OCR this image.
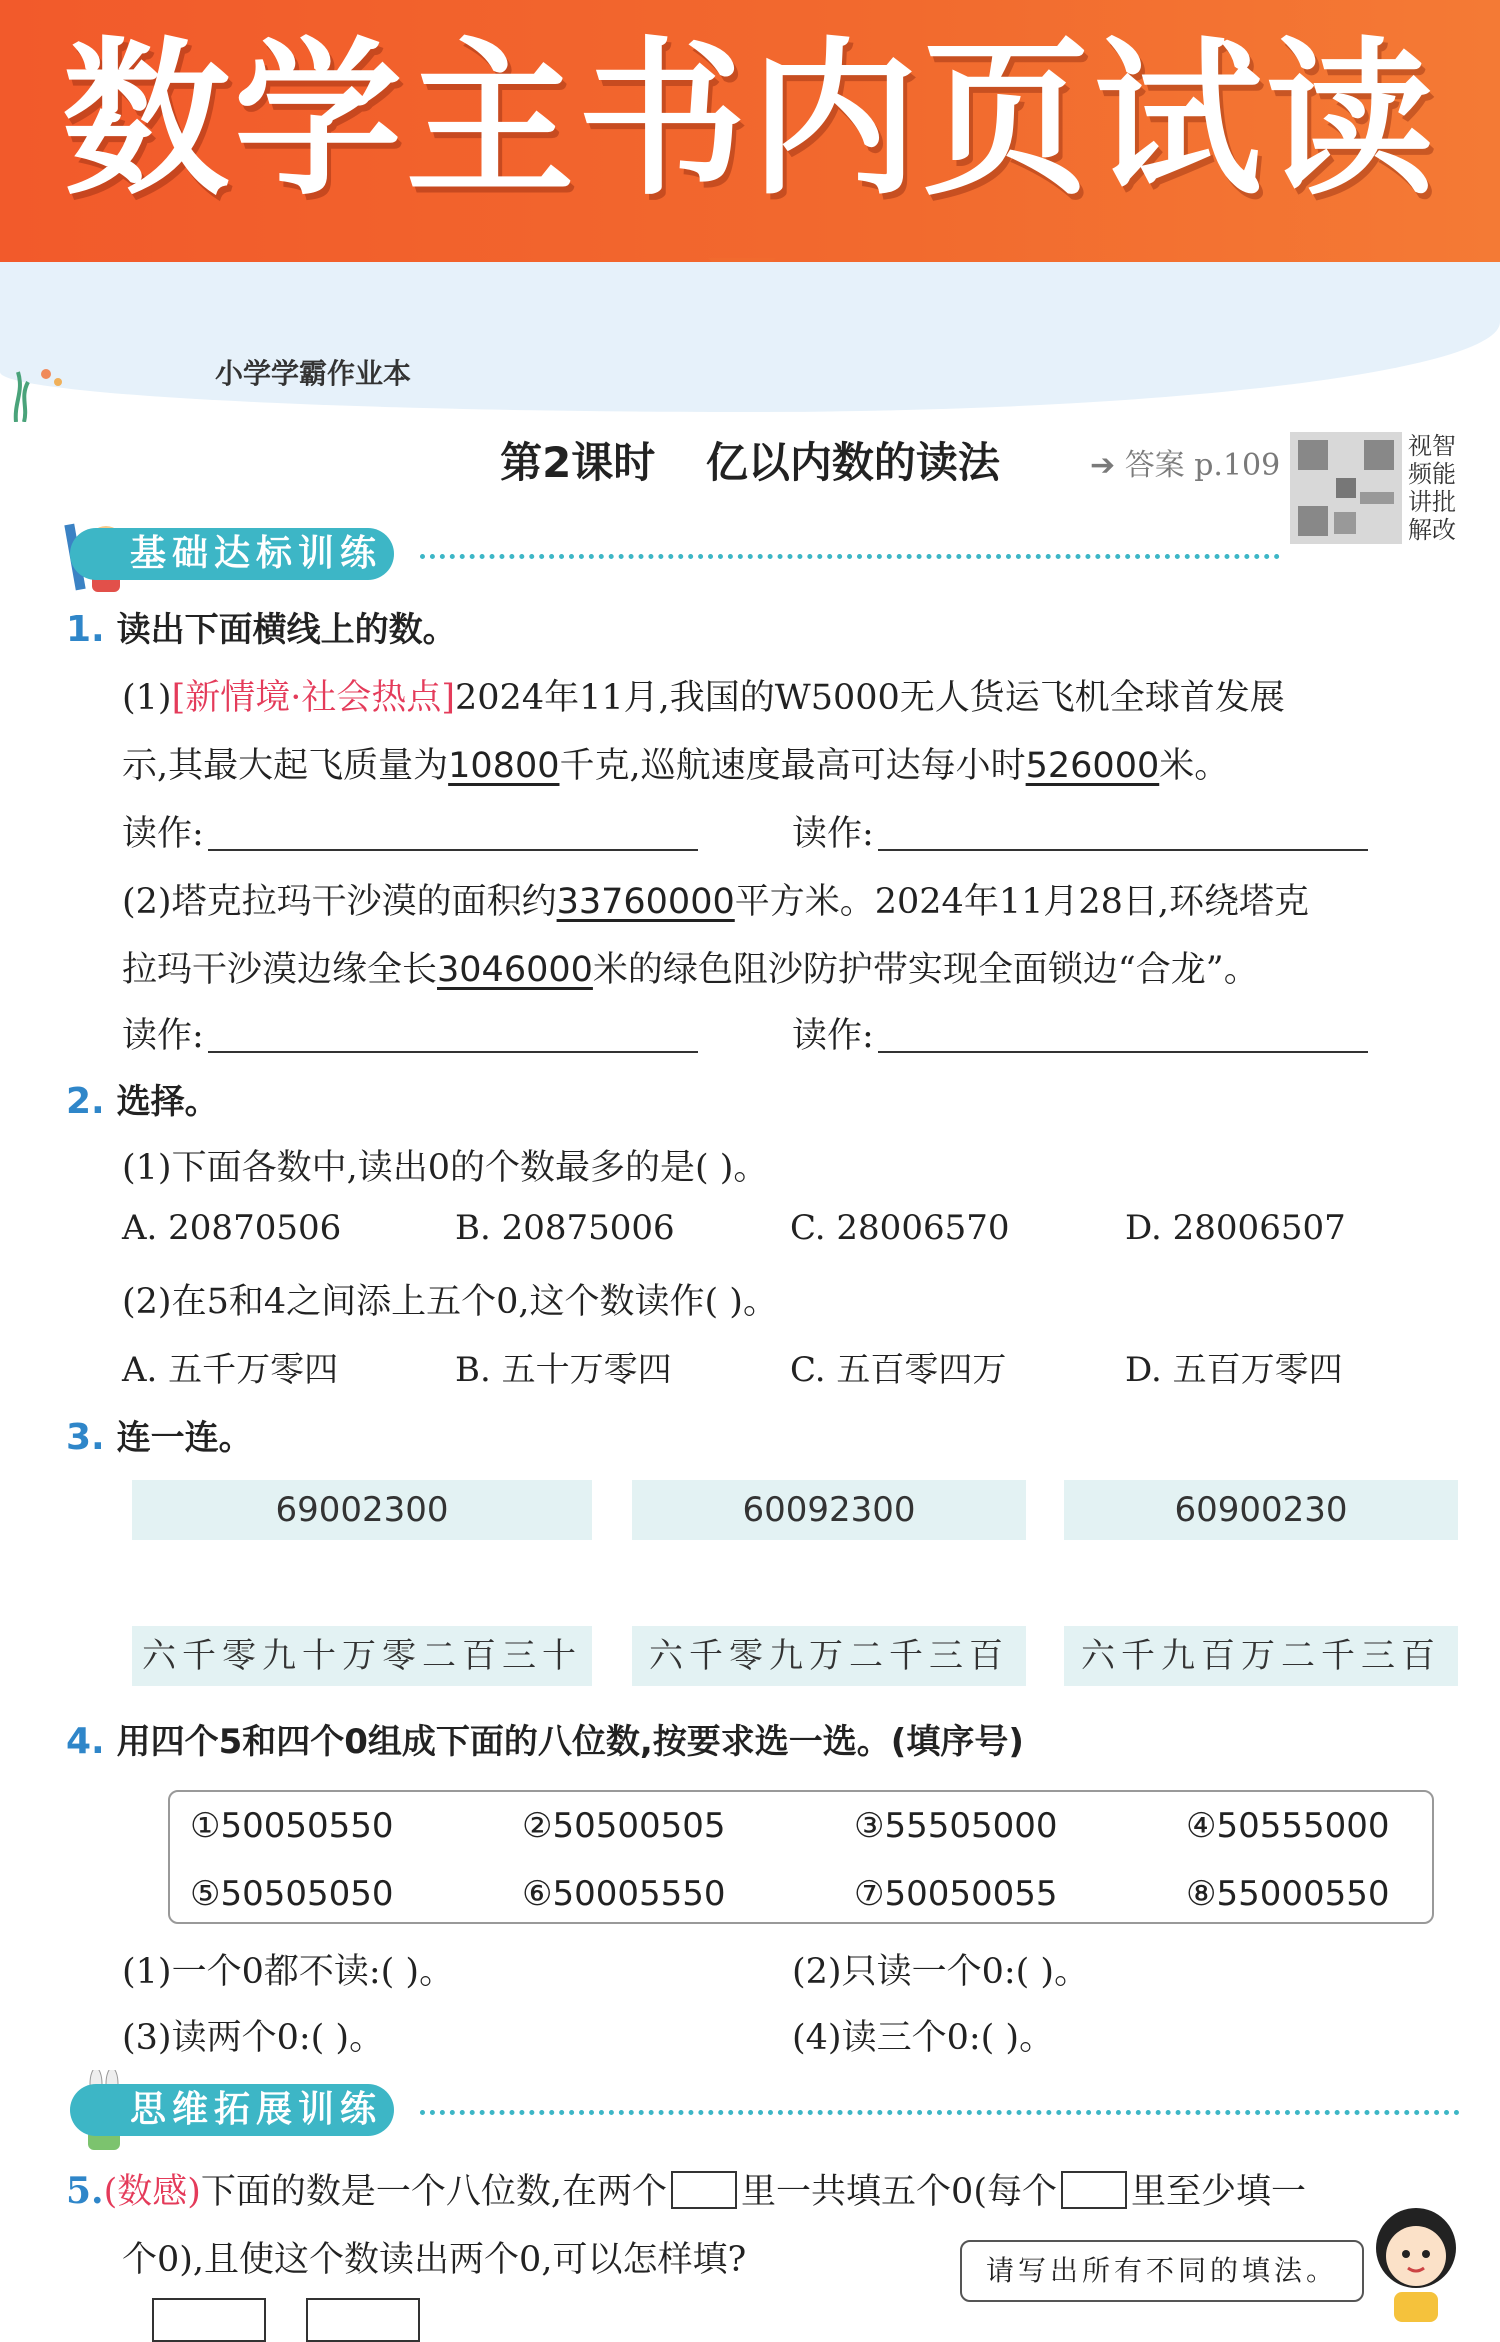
数学主书内页试读
小学学霸作业本
第2课时 亿以内数的读法	➔ 答案 p.109
视智频能讲批解改
基础达标训练
1. 读出下面横线上的数。
(1)[新情境·社会热点]2024年11月,我国的W5000无人货运飞机全球首发展
示,其最大起飞质量为10800千克,巡航速度最高可达每小时526000米。
读作:	读作:
(2)塔克拉玛干沙漠的面积约33760000平方米。2024年11月28日,环绕塔克
拉玛干沙漠边缘全长3046000米的绿色阻沙防护带实现全面锁边“合龙”。
读作:	读作:
2. 选择。
(1)下面各数中,读出0的个数最多的是( )。
A. 20870506	B. 20875006	C. 28006570	D. 28006507
(2)在5和4之间添上五个0,这个数读作( )。
A. 五千万零四	B. 五十万零四	C. 五百零四万	D. 五百万零四
3. 连一连。
69002300	60092300	60900230
六千零九十万零二百三十	六千零九万二千三百	六千九百万二千三百
4. 用四个5和四个0组成下面的八位数,按要求选一选。(填序号)
①50050550	②50500505	③55505000	④50555000
⑤50505050	⑥50005550	⑦50050055	⑧55000550
(1)一个0都不读:( )。	(2)只读一个0:( )。
(3)读两个0:( )。	(4)读三个0:( )。
思维拓展训练
5.(数感)下面的数是一个八位数,在两个 里一共填五个0(每个 里至少填一
个0),且使这个数读出两个0,可以怎样填?	请写出所有不同的填法。
